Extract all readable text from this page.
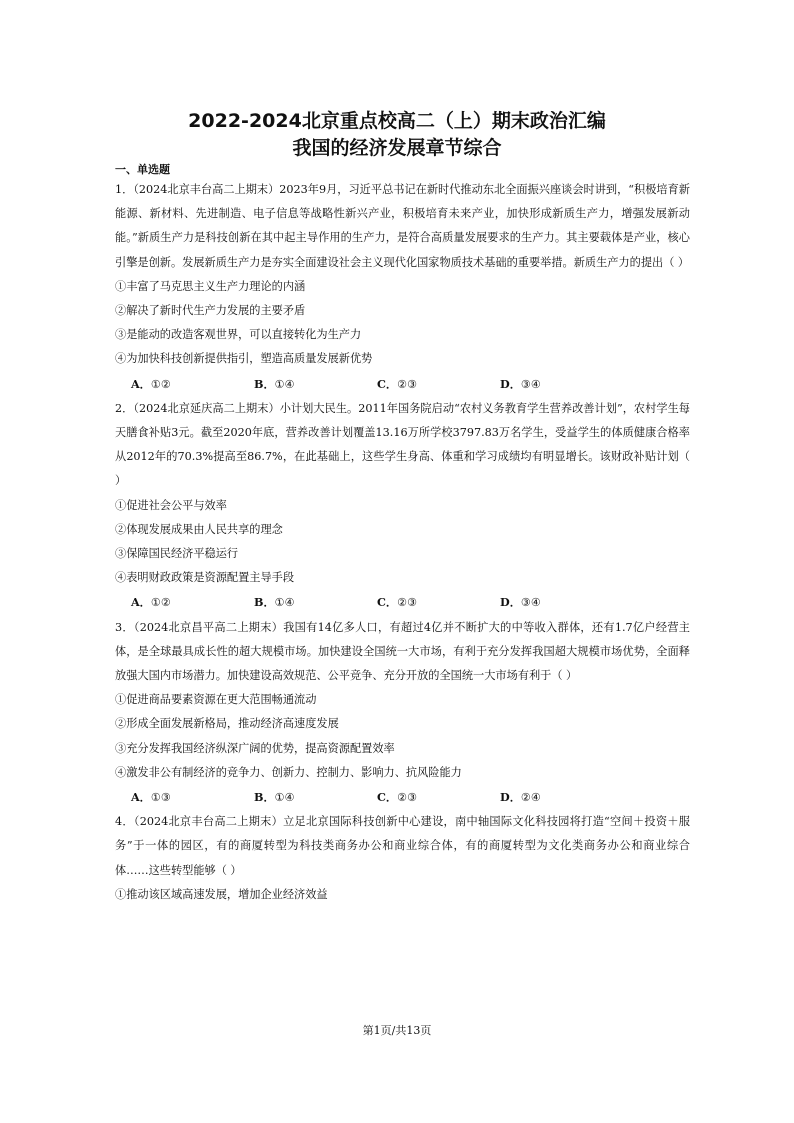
2022-2024北京重点校高二（上）期末政治汇编
我国的经济发展章节综合
一、单选题

1．（2024北京丰台高二上期末）2023年9月，习近平总书记在新时代推动东北全面振兴座谈会时讲到，“积极培育新能源、新材料、先进制造、电子信息等战略性新兴产业，积极培育未来产业，加快形成新质生产力，增强发展新动能。”新质生产力是科技创新在其中起主导作用的生产力，是符合高质量发展要求的生产力。其主要载体是产业，核心引擎是创新。发展新质生产力是夯实全面建设社会主义现代化国家物质技术基础的重要举措。新质生产力的提出（ ）

①丰富了马克思主义生产力理论的内涵

②解决了新时代生产力发展的主要矛盾

③是能动的改造客观世界，可以直接转化为生产力

④为加快科技创新提供指引，塑造高质量发展新优势

A．①②	B．①④	C．②③	D．③④

2．（2024北京延庆高二上期末）小计划大民生。2011年国务院启动“农村义务教育学生营养改善计划”，农村学生每天膳食补贴3元。截至2020年底，营养改善计划覆盖13.16万所学校3797.83万名学生，受益学生的体质健康合格率从2012年的70.3%提高至86.7%，在此基础上，这些学生身高、体重和学习成绩均有明显增长。该财政补贴计划（ ）

①促进社会公平与效率

②体现发展成果由人民共享的理念

③保障国民经济平稳运行

④表明财政政策是资源配置主导手段

A．①②	B．①④	C．②③	D．③④

3．（2024北京昌平高二上期末）我国有14亿多人口，有超过4亿并不断扩大的中等收入群体，还有1.7亿户经营主体，是全球最具成长性的超大规模市场。加快建设全国统一大市场，有利于充分发挥我国超大规模市场优势，全面释放强大国内市场潜力。加快建设高效规范、公平竞争、充分开放的全国统一大市场有利于（ ）

①促进商品要素资源在更大范围畅通流动

②形成全面发展新格局，推动经济高速度发展

③充分发挥我国经济纵深广阔的优势，提高资源配置效率

④激发非公有制经济的竞争力、创新力、控制力、影响力、抗风险能力

A．①③	B．①④	C．②③	D．②④

4．（2024北京丰台高二上期末）立足北京国际科技创新中心建设，南中轴国际文化科技园将打造“空间＋投资＋服务”于一体的园区，有的商厦转型为科技类商务办公和商业综合体，有的商厦转型为文化类商务办公和商业综合体……这些转型能够（ ）

①推动该区域高速发展，增加企业经济效益

第1页/共13页
